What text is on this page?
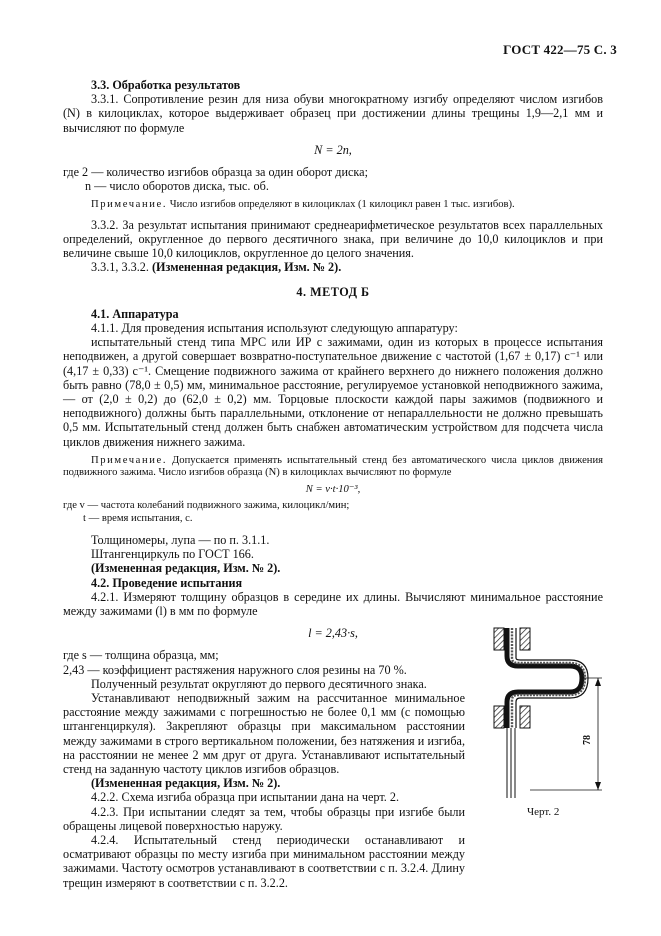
ГОСТ 422—75 С. 3

3.3. Обработка результатов

3.3.1. Сопротивление резин для низа обуви многократному изгибу определяют числом изгибов (N) в килоциклах, которое выдерживает образец при достижении длины трещины 1,9—2,1 мм и вычисляют по формуле

N = 2n,

где 2 — количество изгибов образца за один оборот диска;

n — число оборотов диска, тыс. об.

Примечание. Число изгибов определяют в килоциклах (1 килоцикл равен 1 тыс. изгибов).

3.3.2. За результат испытания принимают среднеарифметическое результатов всех параллельных определений, округленное до первого десятичного знака, при величине до 10,0 килоциклов и при величине свыше 10,0 килоциклов, округленное до целого значения.

3.3.1, 3.3.2. (Измененная редакция, Изм. № 2).

4. МЕТОД Б

4.1. Аппаратура

4.1.1. Для проведения испытания используют следующую аппаратуру:

испытательный стенд типа МРС или ИР с зажимами, один из которых в процессе испытания неподвижен, а другой совершает возвратно-поступательное движение с частотой (1,67 ± 0,17) с⁻¹ или (4,17 ± 0,33) с⁻¹. Смещение подвижного зажима от крайнего верхнего до нижнего положения должно быть равно (78,0 ± 0,5) мм, минимальное расстояние, регулируемое установкой неподвижного зажима, — от (2,0 ± 0,2) до (62,0 ± 0,2) мм. Торцовые плоскости каждой пары зажимов (подвижного и неподвижного) должны быть параллельными, отклонение от непараллельности не должно превышать 0,5 мм. Испытательный стенд должен быть снабжен автоматическим устройством для подсчета числа циклов движения нижнего зажима.

Примечание. Допускается применять испытательный стенд без автоматического числа циклов движения подвижного зажима. Число изгибов образца (N) в килоциклах вычисляют по формуле

N = v·t·10⁻³,

где v — частота колебаний подвижного зажима, килоцикл/мин;

t — время испытания, с.

Толщиномеры, лупа — по п. 3.1.1.

Штангенциркуль по ГОСТ 166.

(Измененная редакция, Изм. № 2).

4.2. Проведение испытания

4.2.1. Измеряют толщину образцов в середине их длины. Вычисляют минимальное расстояние между зажимами (l) в мм по формуле

l = 2,43·s,

где s — толщина образца, мм;

2,43 — коэффициент растяжения наружного слоя резины на 70 %.

Полученный результат округляют до первого десятичного знака.

Устанавливают неподвижный зажим на рассчитанное минимальное расстояние между зажимами с погрешностью не более 0,1 мм (с помощью штангенциркуля). Закрепляют образцы при максимальном расстоянии между зажимами в строго вертикальном положении, без натяжения и изгиба, на расстоянии не менее 2 мм друг от друга. Устанавливают испытательный стенд на заданную частоту циклов изгибов образцов.

(Измененная редакция, Изм. № 2).

4.2.2. Схема изгиба образца при испытании дана на черт. 2.

4.2.3. При испытании следят за тем, чтобы образцы при изгибе были обращены лицевой поверхностью наружу.

4.2.4. Испытательный стенд периодически останавливают и осматривают образцы по месту изгиба при минимальном расстоянии между зажимами. Частоту осмотров устанавливают в соответствии с п. 3.2.4. Длину трещин измеряют в соответствии с п. 3.2.2.

78
Черт. 2
